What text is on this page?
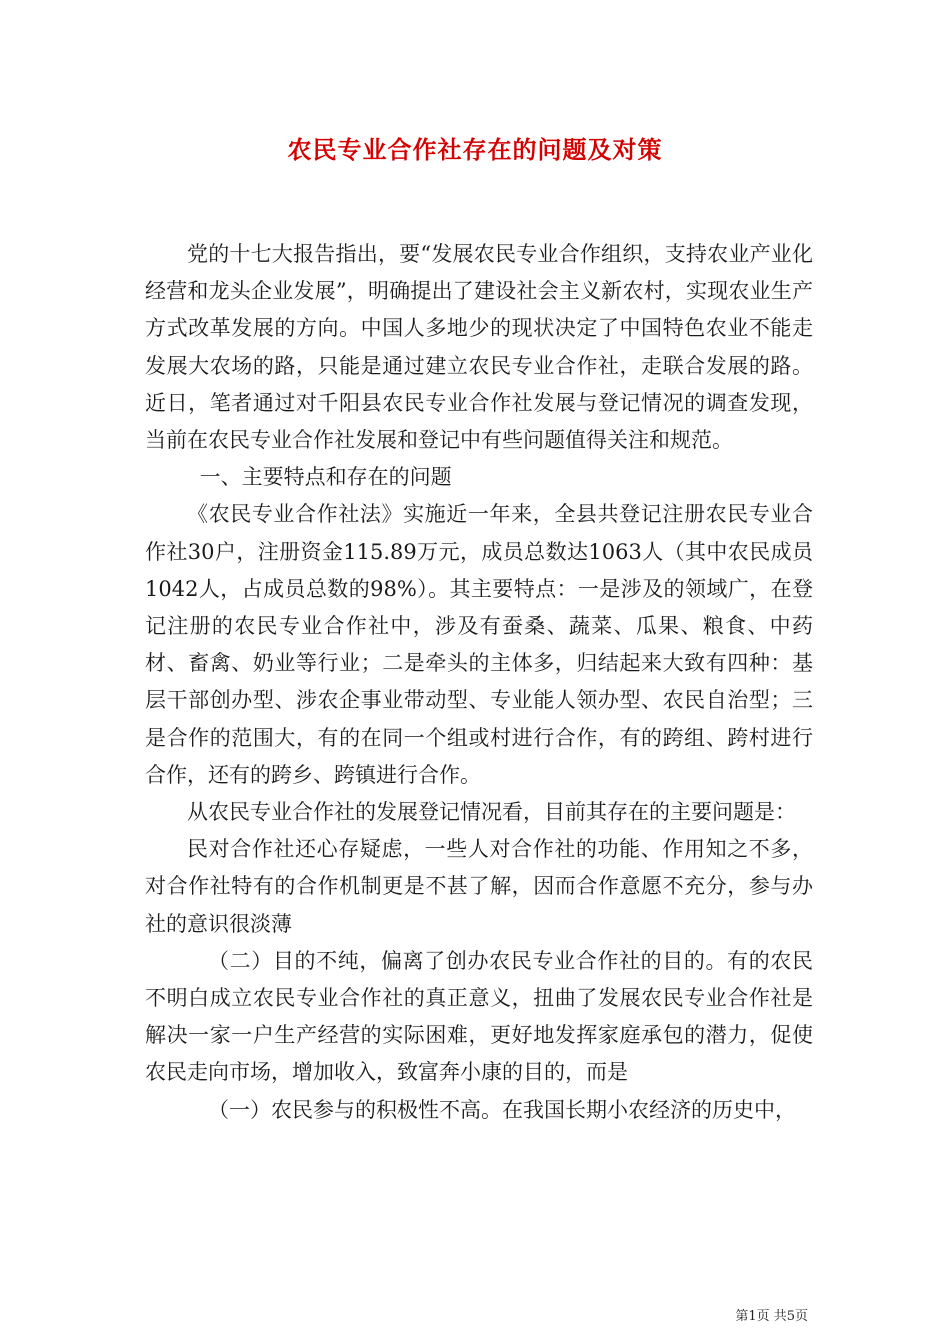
农民专业合作社存在的问题及对策

党的十七大报告指出，要“发展农民专业合作组织，支持农业产业化经营和龙头企业发展”，明确提出了建设社会主义新农村，实现农业生产方式改革发展的方向。中国人多地少的现状决定了中国特色农业不能走发展大农场的路，只能是通过建立农民专业合作社，走联合发展的路。近日，笔者通过对千阳县农民专业合作社发展与登记情况的调查发现，当前在农民专业合作社发展和登记中有些问题值得关注和规范。

一、主要特点和存在的问题

《农民专业合作社法》实施近一年来，全县共登记注册农民专业合作社30户，注册资金115.89万元，成员总数达1063人（其中农民成员1042人，占成员总数的98%）。其主要特点：一是涉及的领域广，在登记注册的农民专业合作社中，涉及有蚕桑、蔬菜、瓜果、粮食、中药材、畜禽、奶业等行业；二是牵头的主体多，归结起来大致有四种：基层干部创办型、涉农企事业带动型、专业能人领办型、农民自治型；三是合作的范围大，有的在同一个组或村进行合作，有的跨组、跨村进行合作，还有的跨乡、跨镇进行合作。

从农民专业合作社的发展登记情况看，目前其存在的主要问题是：

民对合作社还心存疑虑，一些人对合作社的功能、作用知之不多，对合作社特有的合作机制更是不甚了解，因而合作意愿不充分，参与办社的意识很淡薄

（二）目的不纯，偏离了创办农民专业合作社的目的。有的农民不明白成立农民专业合作社的真正意义，扭曲了发展农民专业合作社是解决一家一户生产经营的实际困难，更好地发挥家庭承包的潜力，促使农民走向市场，增加收入，致富奔小康的目的，而是

（一）农民参与的积极性不高。在我国长期小农经济的历史中，

第1页 共5页
